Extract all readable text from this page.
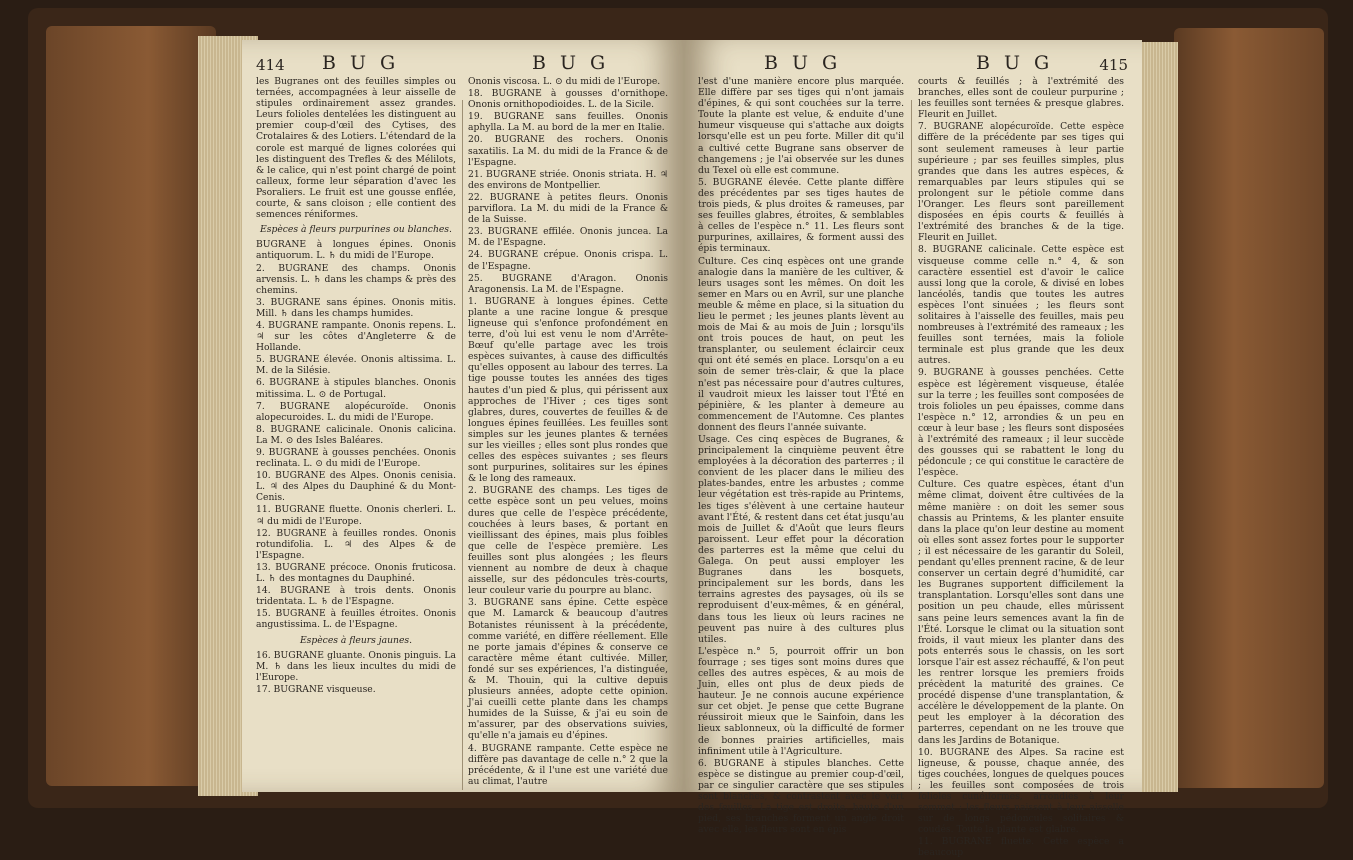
414 B U G	B U G

les Bugranes ont des feuilles simples ou ternées, accompagnées à leur aisselle de stipules ordinairement assez grandes. Leurs folioles dentelées les distinguent au premier coup-d'œil des Cytises, des Crotalaires & des Lotiers. L'étendard de la corole est marqué de lignes colorées qui les distinguent des Trefles & des Mélilots, & le calice, qui n'est point chargé de point calleux, forme leur séparation d'avec les Psoraliers. Le fruit est une gousse enflée, courte, & sans cloison ; elle contient des semences réniformes.

Espèces à fleurs purpurines ou blanches.

BUGRANE à longues épines. Ononis antiquorum. L. ♄ du midi de l'Europe.

2. BUGRANE des champs. Ononis arvensis. L. ♄ dans les champs & près des chemins.

3. BUGRANE sans épines. Ononis mitis. Mill. ♄ dans les champs humides.

4. BUGRANE rampante. Ononis repens. L. ♃ sur les côtes d'Angleterre & de Hollande.

5. BUGRANE élevée. Ononis altissima. L. M. de la Silésie.

6. BUGRANE à stipules blanches. Ononis mitissima. L. ⊙ de Portugal.

7. BUGRANE alopécuroïde. Ononis alopecuroides. L. du midi de l'Europe.

8. BUGRANE calicinale. Ononis calicina. La M. ⊙ des Isles Baléares.

9. BUGRANE à gousses penchées. Ononis reclinata. L. ⊙ du midi de l'Europe.

10. BUGRANE des Alpes. Ononis cenisia. L. ♃ des Alpes du Dauphiné & du Mont-Cenis.

11. BUGRANE fluette. Ononis cherleri. L. ♃ du midi de l'Europe.

12. BUGRANE à feuilles rondes. Ononis rotundifolia. L. ♃ des Alpes & de l'Espagne.

13. BUGRANE précoce. Ononis fruticosa. L. ♄ des montagnes du Dauphiné.

14. BUGRANE à trois dents. Ononis tridentata. L. ♄ de l'Espagne.

15. BUGRANE à feuilles étroites. Ononis angustissima. L. de l'Espagne.

Espèces à fleurs jaunes.

16. BUGRANE gluante. Ononis pinguis. La M. ♄ dans les lieux incultes du midi de l'Europe.

17. BUGRANE visqueuse.

Ononis viscosa. L. ⊙ du midi de l'Europe.

18. BUGRANE à gousses d'ornithope. Ononis ornithopodioides. L. de la Sicile.

19. BUGRANE sans feuilles. Ononis aphylla. La M. au bord de la mer en Italie.

20. BUGRANE des rochers. Ononis saxatilis. La M. du midi de la France & de l'Espagne.

21. BUGRANE striée. Ononis striata. H. ♃ des environs de Montpellier.

22. BUGRANE à petites fleurs. Ononis parviflora. La M. du midi de la France & de la Suisse.

23. BUGRANE effilée. Ononis juncea. La M. de l'Espagne.

24. BUGRANE crépue. Ononis crispa. L. de l'Espagne.

25. BUGRANE d'Aragon. Ononis Aragonensis. La M. de l'Espagne.

1. BUGRANE à longues épines. Cette plante a une racine longue & presque ligneuse qui s'enfonce profondément en terre, d'où lui est venu le nom d'Arrête-Bœuf qu'elle partage avec les trois espèces suivantes, à cause des difficultés qu'elles opposent au labour des terres. La tige pousse toutes les années des tiges hautes d'un pied & plus, qui périssent aux approches de l'Hiver ; ces tiges sont glabres, dures, couvertes de feuilles & de longues épines feuillées. Les feuilles sont simples sur les jeunes plantes & ternées sur les vieilles ; elles sont plus rondes que celles des espèces suivantes ; ses fleurs sont purpurines, solitaires sur les épines & le long des rameaux.

2. BUGRANE des champs. Les tiges de cette espèce sont un peu velues, moins dures que celle de l'espèce précédente, couchées à leurs bases, & portant en vieillissant des épines, mais plus foibles que celle de l'espèce première. Les feuilles sont plus alongées ; les fleurs viennent au nombre de deux à chaque aisselle, sur des pédoncules très-courts, leur couleur varie du pourpre au blanc.

3. BUGRANE sans épine. Cette espèce que M. Lamarck & beaucoup d'autres Botanistes réunissent à la précédente, comme variété, en diffère réellement. Elle ne porte jamais d'épines & conserve ce caractère même étant cultivée. Miller, fondé sur ses expériences, l'a distinguée, & M. Thouin, qui la cultive depuis plusieurs années, adopte cette opinion. J'ai cueilli cette plante dans les champs humides de la Suisse, & j'ai eu soin de m'assurer, par des observations suivies, qu'elle n'a jamais eu d'épines.

4. BUGRANE rampante. Cette espèce ne diffère pas davantage de celle n.° 2 que la précédente, & il l'une est une variété due au climat, l'autre

B U G	B U G	415

l'est d'une manière encore plus marquée. Elle diffère par ses tiges qui n'ont jamais d'épines, & qui sont couchées sur la terre. Toute la plante est velue, & enduite d'une humeur visqueuse qui s'attache aux doigts lorsqu'elle est un peu forte. Miller dit qu'il a cultivé cette Bugrane sans observer de changemens ; je l'ai observée sur les dunes du Texel où elle est commune.

5. BUGRANE élevée. Cette plante diffère des précédentes par ses tiges hautes de trois pieds, & plus droites & rameuses, par ses feuilles glabres, étroites, & semblables à celles de l'espèce n.° 11. Les fleurs sont purpurines, axillaires, & forment aussi des épis terminaux.

Culture. Ces cinq espèces ont une grande analogie dans la manière de les cultiver, & leurs usages sont les mêmes. On doit les semer en Mars ou en Avril, sur une planche meuble & même en place, si la situation du lieu le permet ; les jeunes plants lèvent au mois de Mai & au mois de Juin ; lorsqu'ils ont trois pouces de haut, on peut les transplanter, ou seulement éclaircir ceux qui ont été semés en place. Lorsqu'on a eu soin de semer très-clair, & que la place n'est pas nécessaire pour d'autres cultures, il vaudroit mieux les laisser tout l'Été en pépinière, & les planter à demeure au commencement de l'Automne. Ces plantes donnent des fleurs l'année suivante.

Usage. Ces cinq espèces de Bugranes, & principalement la cinquième peuvent être employées à la décoration des parterres ; il convient de les placer dans le milieu des plates-bandes, entre les arbustes ; comme leur végétation est très-rapide au Printems, les tiges s'élèvent à une certaine hauteur avant l'Été, & restent dans cet état jusqu'au mois de Juillet & d'Août que leurs fleurs paroissent. Leur effet pour la décoration des parterres est la même que celui du Galega. On peut aussi employer les Bugranes dans les bosquets, principalement sur les bords, dans les terrains agrestes des paysages, où ils se reproduisent d'eux-mêmes, & en général, dans tous les lieux où leurs racines ne peuvent pas nuire à des cultures plus utiles.

L'espèce n.° 5, pourroit offrir un bon fourrage ; ses tiges sont moins dures que celles des autres espèces, & au mois de Juin, elles ont plus de deux pieds de hauteur. Je ne connois aucune expérience sur cet objet. Je pense que cette Bugrane réussiroit mieux que le Sainfoin, dans les lieux sablonneux, où la difficulté de former de bonnes prairies artificielles, mais infiniment utile à l'Agriculture.

6. BUGRANE à stipules blanches. Cette espèce se distingue au premier coup-d'œil, par ce singulier caractère que ses stipules sont blanches, & contrastent avec le vert des feuilles. La tige est droite, haute d'un pied, ses branches forment un angle droit avec elle, les fleurs sont en épis

courts & feuillés ; à l'extrémité des branches, elles sont de couleur purpurine ; les feuilles sont ternées & presque glabres. Fleurit en Juillet.

7. BUGRANE alopécuroïde. Cette espèce diffère de la précédente par ses tiges qui sont seulement rameuses à leur partie supérieure ; par ses feuilles simples, plus grandes que dans les autres espèces, & remarquables par leurs stipules qui se prolongent sur le pétiole comme dans l'Oranger. Les fleurs sont pareillement disposées en épis courts & feuillés à l'extrémité des branches & de la tige. Fleurit en Juillet.

8. BUGRANE calicinale. Cette espèce est visqueuse comme celle n.° 4, & son caractère essentiel est d'avoir le calice aussi long que la corole, & divisé en lobes lancéolés, tandis que toutes les autres espèces l'ont sinuées ; les fleurs sont solitaires à l'aisselle des feuilles, mais peu nombreuses à l'extrémité des rameaux ; les feuilles sont ternées, mais la foliole terminale est plus grande que les deux autres.

9. BUGRANE à gousses penchées. Cette espèce est légèrement visqueuse, étalée sur la terre ; les feuilles sont composées de trois folioles un peu épaisses, comme dans l'espèce n.° 12, arrondies & un peu en cœur à leur base ; les fleurs sont disposées à l'extrémité des rameaux ; il leur succède des gousses qui se rabattent le long du pédoncule ; ce qui constitue le caractère de l'espèce.

Culture. Ces quatre espèces, étant d'un même climat, doivent être cultivées de la même manière : on doit les semer sous chassis au Printems, & les planter ensuite dans la place qu'on leur destine au moment où elles sont assez fortes pour le supporter ; il est nécessaire de les garantir du Soleil, pendant qu'elles prennent racine, & de leur conserver un certain degré d'humidité, car les Bugranes supportent difficilement la transplantation. Lorsqu'elles sont dans une position un peu chaude, elles mûrissent sans peine leurs semences avant la fin de l'Été. Lorsque le climat ou la situation sont froids, il vaut mieux les planter dans des pots enterrés sous le chassis, on les sort lorsque l'air est assez réchauffé, & l'on peut les rentrer lorsque les premiers froids précèdent la maturité des graines. Ce procédé dispense d'une transplantation, & accélère le développement de la plante. On peut les employer à la décoration des parterres, cependant on ne les trouve que dans les Jardins de Botanique.

10. BUGRANE des Alpes. Sa racine est ligneuse, & pousse, chaque année, des tiges couchées, longues de quelques pouces ; les feuilles sont composées de trois folioles cunéiformes, arrondies à leur sommet ; les fleurs naissent à leur aisselle sur de longs pédoncules solitaires & coudés. Toute la plante est glabre.

11. BUGRANE fluette. Cette espèce a beaucoup
